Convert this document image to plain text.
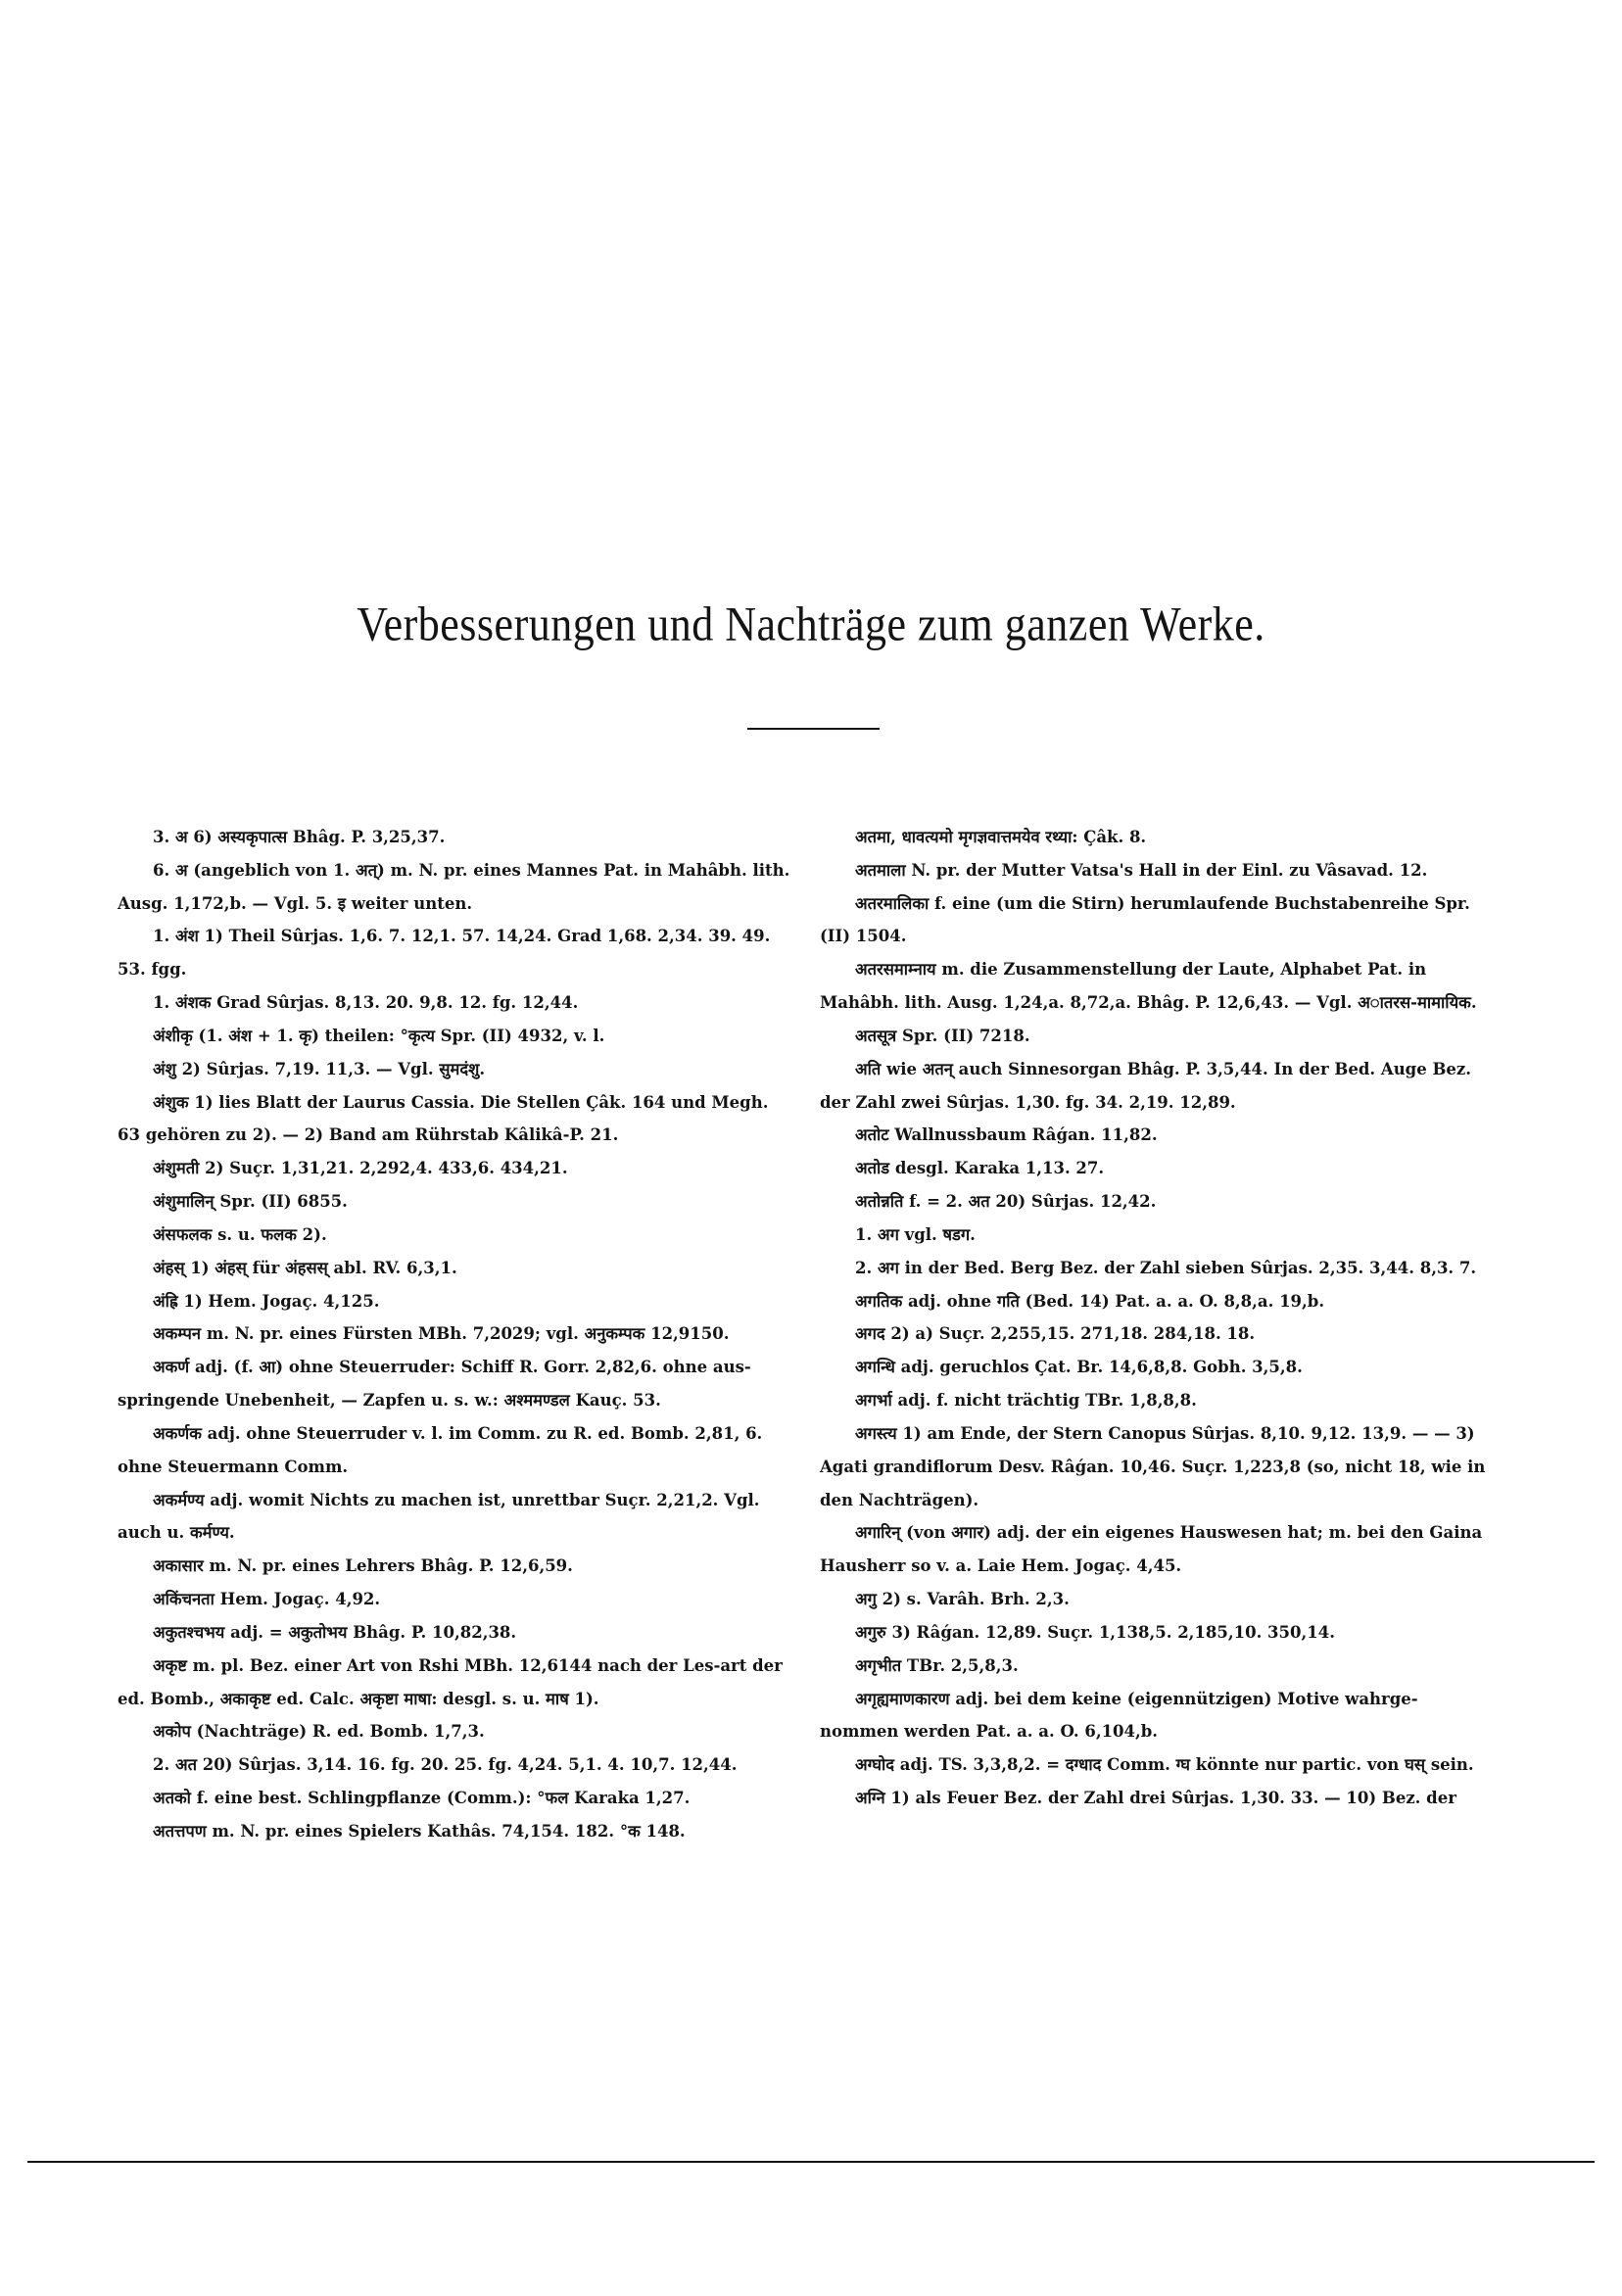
Verbesserungen und Nachträge zum ganzen Werke.

3. अ 6) अस्यकृपात्स Bhâg. P. 3,25,37.

6. अ (angeblich von 1. अत्) m. N. pr. eines Mannes Pat. in Mahâbh. lith. Ausg. 1,172,b. — Vgl. 5. इ weiter unten.

1. अंश 1) Theil Sûrjas. 1,6. 7. 12,1. 57. 14,24. Grad 1,68. 2,34. 39. 49. 53. fgg.

1. अंशक Grad Sûrjas. 8,13. 20. 9,8. 12. fg. 12,44.

अंशीकृ (1. अंश + 1. कृ) theilen: °कृत्य Spr. (II) 4932, v. l.

अंशु 2) Sûrjas. 7,19. 11,3. — Vgl. सुमदंशु.

अंशुक 1) lies Blatt der Laurus Cassia. Die Stellen Çâk. 164 und Megh. 63 gehören zu 2). — 2) Band am Rührstab Kâlikâ-P. 21.

अंशुमती 2) Suçr. 1,31,21. 2,292,4. 433,6. 434,21.

अंशुमालिन् Spr. (II) 6855.

अंसफलक s. u. फलक 2).

अंहस् 1) अंहस् für अंहसस् abl. RV. 6,3,1.

अंह्रि 1) Hem. Jogaç. 4,125.

अकम्पन m. N. pr. eines Fürsten MBh. 7,2029; vgl. अनुकम्पक 12,9150.

अकर्ण adj. (f. आ) ohne Steuerruder: Schiff R. Gorr. 2,82,6. ohne aus-springende Unebenheit, — Zapfen u. s. w.: अश्ममण्डल Kauç. 53.

अकर्णक adj. ohne Steuerruder v. l. im Comm. zu R. ed. Bomb. 2,81, 6. ohne Steuermann Comm.

अकर्मण्य adj. womit Nichts zu machen ist, unrettbar Suçr. 2,21,2. Vgl. auch u. कर्मण्य.

अकासार m. N. pr. eines Lehrers Bhâg. P. 12,6,59.

अकिंचनता Hem. Jogaç. 4,92.

अकुतश्चभय adj. = अकुतोभय Bhâg. P. 10,82,38.

अकृष्ट m. pl. Bez. einer Art von Rshi MBh. 12,6144 nach der Les-art der ed. Bomb., अकाकृष्ट ed. Calc. अकृष्टा माषा: desgl. s. u. माष 1).

अकोप (Nachträge) R. ed. Bomb. 1,7,3.

2. अत 20) Sûrjas. 3,14. 16. fg. 20. 25. fg. 4,24. 5,1. 4. 10,7. 12,44.

अतको f. eine best. Schlingpflanze (Comm.): °फल Karaka 1,27.

अतत्तपण m. N. pr. eines Spielers Kathâs. 74,154. 182. °क 148.

अतमा, धावत्यमो मृगज्ञवात्तमयेव रथ्या: Çâk. 8.

अतमाला N. pr. der Mutter Vatsa's Hall in der Einl. zu Vâsavad. 12.

अतरमालिका f. eine (um die Stirn) herumlaufende Buchstabenreihe Spr. (II) 1504.

अतरसमाम्नाय m. die Zusammenstellung der Laute, Alphabet Pat. in Mahâbh. lith. Ausg. 1,24,a. 8,72,a. Bhâg. P. 12,6,43. — Vgl. अातरस-मामायिक.

अतसूत्र Spr. (II) 7218.

अति wie अतन् auch Sinnesorgan Bhâg. P. 3,5,44. In der Bed. Auge Bez. der Zahl zwei Sûrjas. 1,30. fg. 34. 2,19. 12,89.

अतोट Wallnussbaum Râǵan. 11,82.

अतोड desgl. Karaka 1,13. 27.

अतोन्नति f. = 2. अत 20) Sûrjas. 12,42.

1. अग vgl. षडग.

2. अग in der Bed. Berg Bez. der Zahl sieben Sûrjas. 2,35. 3,44. 8,3. 7.

अगतिक adj. ohne गति (Bed. 14) Pat. a. a. O. 8,8,a. 19,b.

अगद 2) a) Suçr. 2,255,15. 271,18. 284,18. 18.

अगन्धि adj. geruchlos Çat. Br. 14,6,8,8. Gobh. 3,5,8.

अगर्भा adj. f. nicht trächtig TBr. 1,8,8,8.

अगस्त्य 1) am Ende, der Stern Canopus Sûrjas. 8,10. 9,12. 13,9. — — 3) Agati grandiflorum Desv. Râǵan. 10,46. Suçr. 1,223,8 (so, nicht 18, wie in den Nachträgen).

अगारिन् (von अगार) adj. der ein eigenes Hauswesen hat; m. bei den Gaina Hausherr so v. a. Laie Hem. Jogaç. 4,45.

अगु 2) s. Varâh. Brh. 2,3.

अगुरु 3) Râǵan. 12,89. Suçr. 1,138,5. 2,185,10. 350,14.

अगृभीत TBr. 2,5,8,3.

अगृह्यमाणकारण adj. bei dem keine (eigennützigen) Motive wahrge-nommen werden Pat. a. a. O. 6,104,b.

अग्घोद adj. TS. 3,3,8,2. = दग्धाद Comm. ग्घ könnte nur partic. von घस् sein.

अग्नि 1) als Feuer Bez. der Zahl drei Sûrjas. 1,30. 33. — 10) Bez. der
